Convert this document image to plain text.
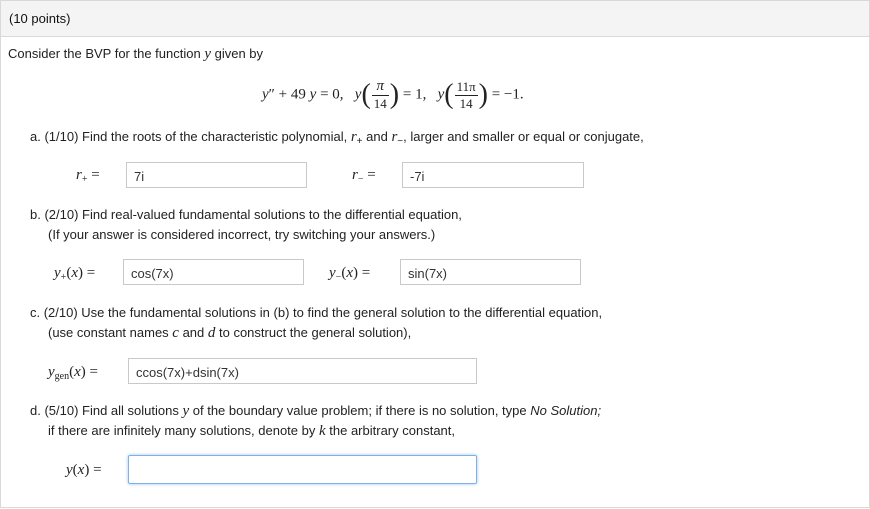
(10 points)
Consider the BVP for the function y given by
y″ + 49 y = 0,   $y( \frac{\pi}{14}$ ) = 1, $y( \frac{11\pi}{14}$ ) = −1.
a. (1/10) Find the roots of the characteristic polynomial, $r_+$ and $r_-$, larger and smaller or equal or conjugate,
$r_+$ =	7i	$r_-$ =	-7i
b. (2/10) Find real-valued fundamental solutions to the differential equation,
(If your answer is considered incorrect, try switching your answers.)
$y_+(x)$ =	cos(7x)	$y_-(x)$ =	sin(7x)
c. (2/10) Use the fundamental solutions in (b) to find the general solution to the differential equation,
(use constant names c and d to construct the general solution),
$y_{gen}(x)$ =	ccos(7x)+dsin(7x)
d. (5/10) Find all solutions y of the boundary value problem; if there is no solution, type No Solution;
if there are infinitely many solutions, denote by k the arbitrary constant,
y(x) =
